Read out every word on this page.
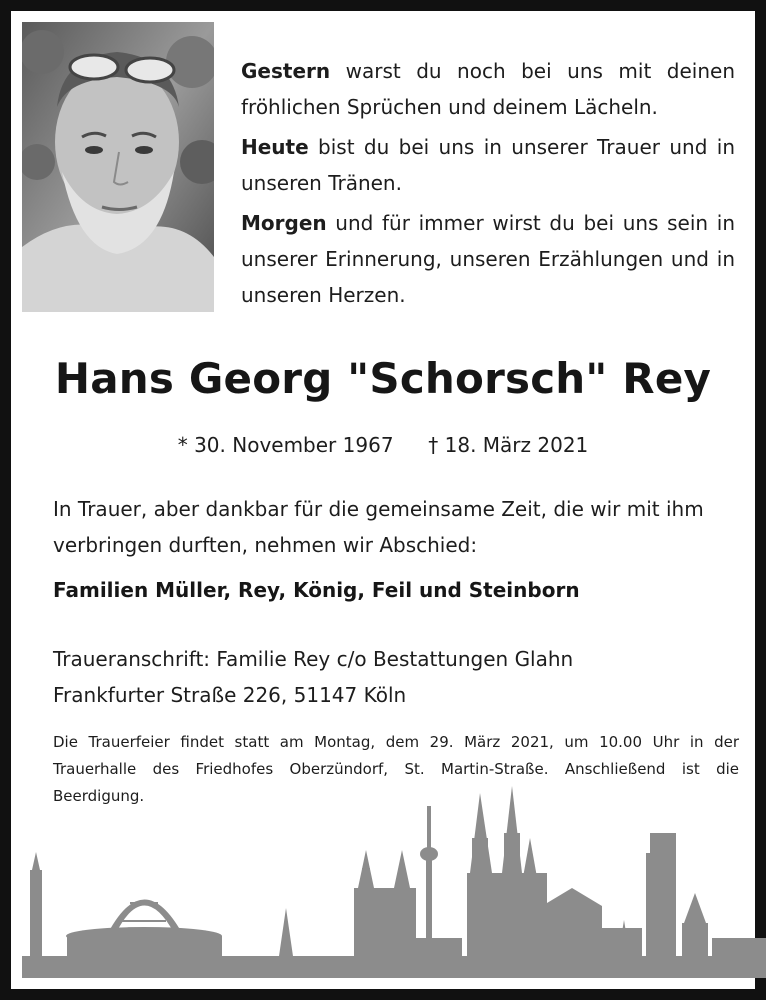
Gestern warst du noch bei uns mit deinen fröhlichen Sprüchen und deinem Lächeln.

Heute bist du bei uns in unserer Trauer und in unseren Tränen.

Morgen und für immer wirst du bei uns sein in unserer Erinnerung, unseren Erzählungen und in unseren Herzen.

Hans Georg "Schorsch" Rey
* 30. November 1967 † 18. März 2021
In Trauer, aber dankbar für die gemeinsame Zeit, die wir mit ihm verbringen durften, nehmen wir Abschied:
Familien Müller, Rey, König, Feil und Steinborn
Traueranschrift: Familie Rey c/o Bestattungen Glahn
Frankfurter Straße 226, 51147 Köln
Die Trauerfeier findet statt am Montag, dem 29. März 2021, um 10.00 Uhr in der Trauerhalle des Friedhofes Oberzündorf, St. Martin-Straße. Anschließend ist die Beerdigung.
